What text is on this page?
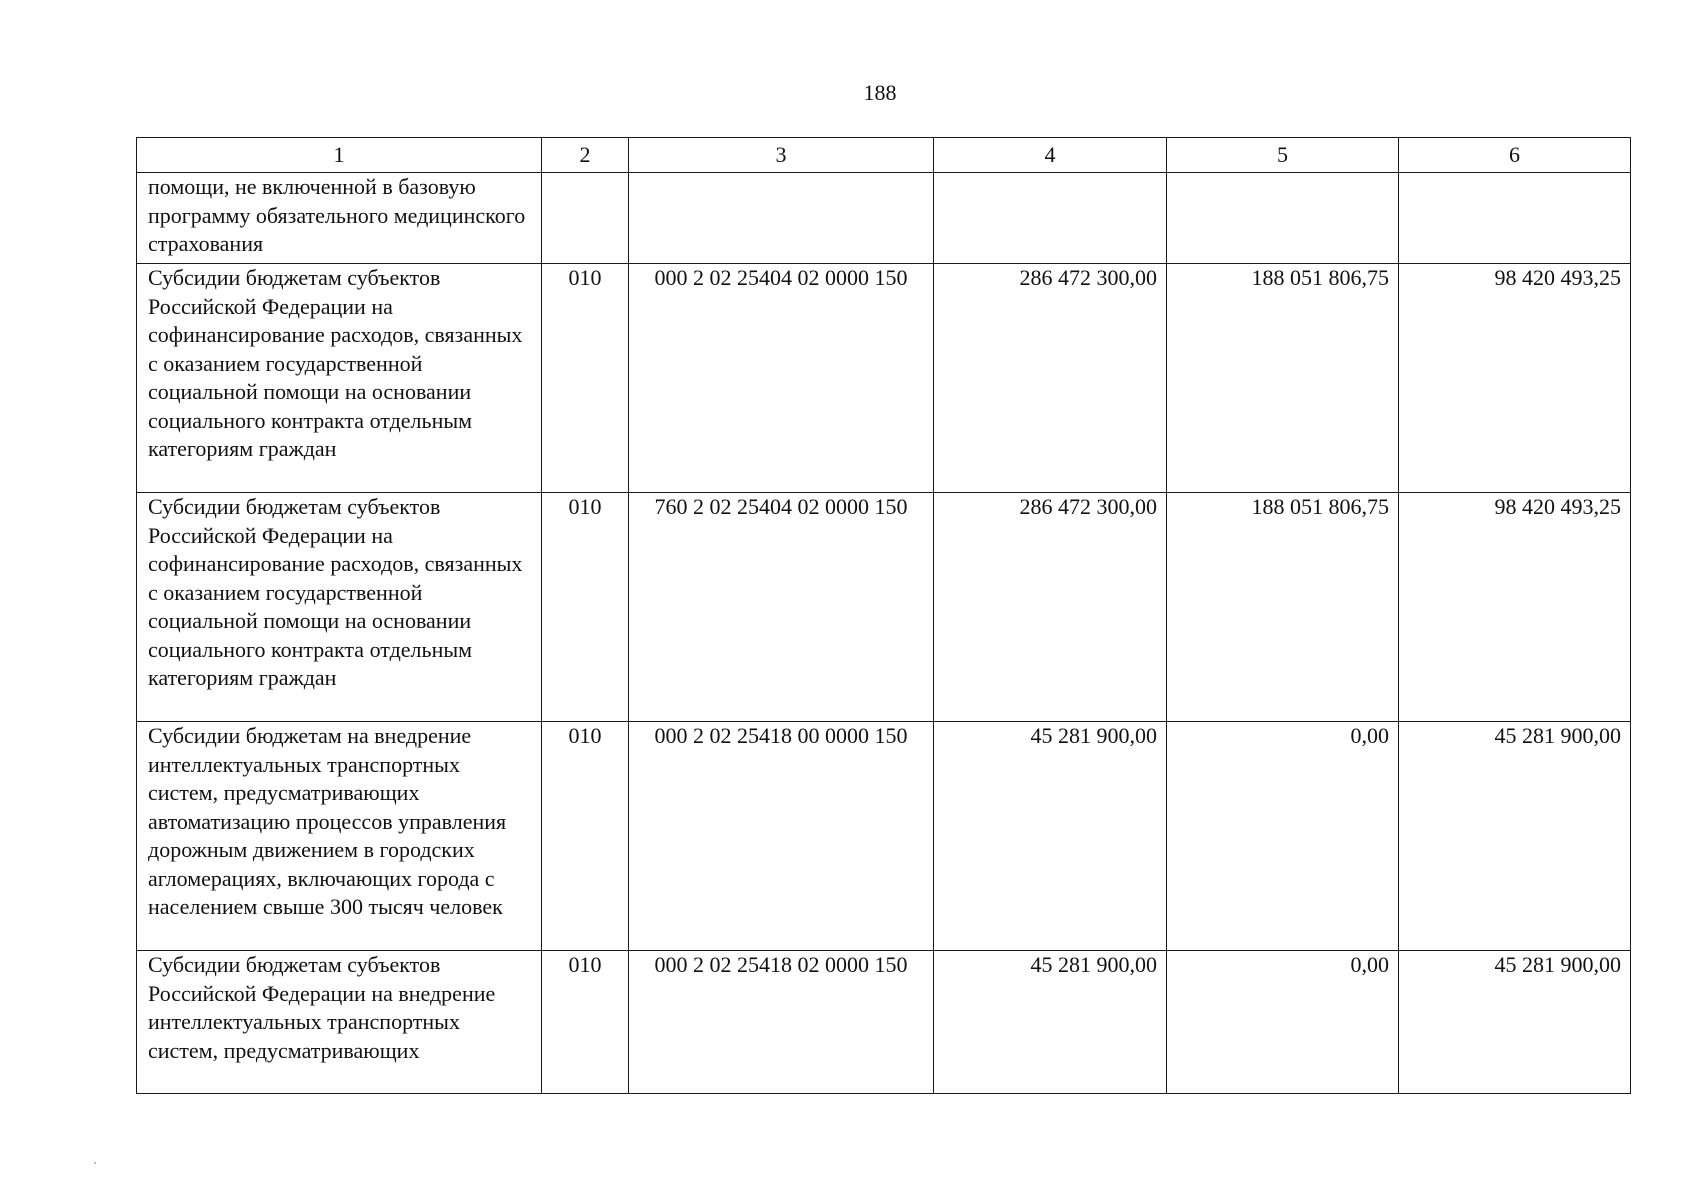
188
1	2	3	4	5	6
помощи, не включенной в базовую программу обязательного медицинского страхования					
Субсидии бюджетам субъектов Российской Федерации на софинансирование расходов, связанных с оказанием государственной социальной помощи на основании социального контракта отдельным категориям граждан	010	000 2 02 25404 02 0000 150	286 472 300,00	188 051 806,75	98 420 493,25
Субсидии бюджетам субъектов Российской Федерации на софинансирование расходов, связанных с оказанием государственной социальной помощи на основании социального контракта отдельным категориям граждан	010	760 2 02 25404 02 0000 150	286 472 300,00	188 051 806,75	98 420 493,25
Субсидии бюджетам на внедрение интеллектуальных транспортных систем, предусматривающих автоматизацию процессов управления дорожным движением в городских агломерациях, включающих города с населением свыше 300 тысяч человек	010	000 2 02 25418 00 0000 150	45 281 900,00	0,00	45 281 900,00
Субсидии бюджетам субъектов Российской Федерации на внедрение интеллектуальных транспортных систем, предусматривающих	010	000 2 02 25418 02 0000 150	45 281 900,00	0,00	45 281 900,00
